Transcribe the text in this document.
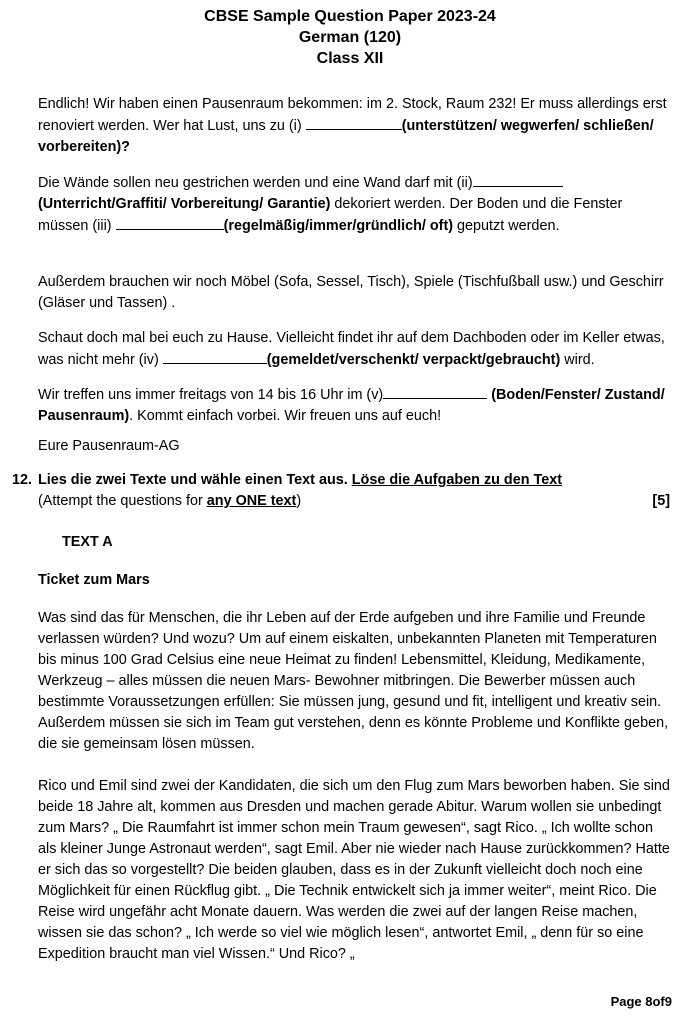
CBSE Sample Question Paper 2023-24
German (120)
Class XII

Endlich! Wir haben einen Pausenraum bekommen: im 2. Stock, Raum 232! Er muss allerdings erst renoviert werden. Wer hat Lust, uns zu (i)	(unterstützen/ wegwerfen/ schließen/ vorbereiten)?

Die Wände sollen neu gestrichen werden und eine Wand darf mit (ii)(Unterricht/Graffiti/ Vorbereitung/ Garantie) dekoriert werden. Der Boden und die Fenster müssen (iii)	(regelmäßig/immer/gründlich/ oft) geputzt werden.

Außerdem brauchen wir noch Möbel (Sofa, Sessel, Tisch), Spiele (Tischfußball usw.) und Geschirr (Gläser und Tassen) .

Schaut doch mal bei euch zu Hause. Vielleicht findet ihr auf dem Dachboden oder im Keller etwas, was nicht mehr (iv)	(gemeldet/verschenkt/ verpackt/gebraucht) wird.

Wir treffen uns immer freitags von 14 bis 16 Uhr im (v)	(Boden/Fenster/ Zustand/ Pausenraum). Kommt einfach vorbei. Wir freuen uns auf euch!

Eure Pausenraum-AG

12. Lies die zwei Texte und wähle einen Text aus. Löse die Aufgaben zu den Text
(Attempt the questions for any ONE text)	[5]

TEXT A

Ticket zum Mars

Was sind das für Menschen, die ihr Leben auf der Erde aufgeben und ihre Familie und Freunde verlassen würden? Und wozu? Um auf einem eiskalten, unbekannten Planeten mit Temperaturen bis minus 100 Grad Celsius eine neue Heimat zu finden! Lebensmittel, Kleidung, Medikamente, Werkzeug – alles müssen die neuen Mars- Bewohner mitbringen. Die Bewerber müssen auch bestimmte Voraussetzungen erfüllen: Sie müssen jung, gesund und fit, intelligent und kreativ sein. Außerdem müssen sie sich im Team gut verstehen, denn es könnte Probleme und Konflikte geben, die sie gemeinsam lösen müssen.

Rico und Emil sind zwei der Kandidaten, die sich um den Flug zum Mars beworben haben. Sie sind beide 18 Jahre alt, kommen aus Dresden und machen gerade Abitur. Warum wollen sie unbedingt zum Mars? „ Die Raumfahrt ist immer schon mein Traum gewesen“, sagt Rico. „ Ich wollte schon als kleiner Junge Astronaut werden“, sagt Emil. Aber nie wieder nach Hause zurückkommen? Hatte er sich das so vorgestellt? Die beiden glauben, dass es in der Zukunft vielleicht doch noch eine Möglichkeit für einen Rückflug gibt. „ Die Technik entwickelt sich ja immer weiter“, meint Rico. Die Reise wird ungefähr acht Monate dauern. Was werden die zwei auf der langen Reise machen, wissen sie das schon? „ Ich werde so viel wie möglich lesen“, antwortet Emil, „ denn für so eine Expedition braucht man viel Wissen.“ Und Rico? „

Page 8of9
